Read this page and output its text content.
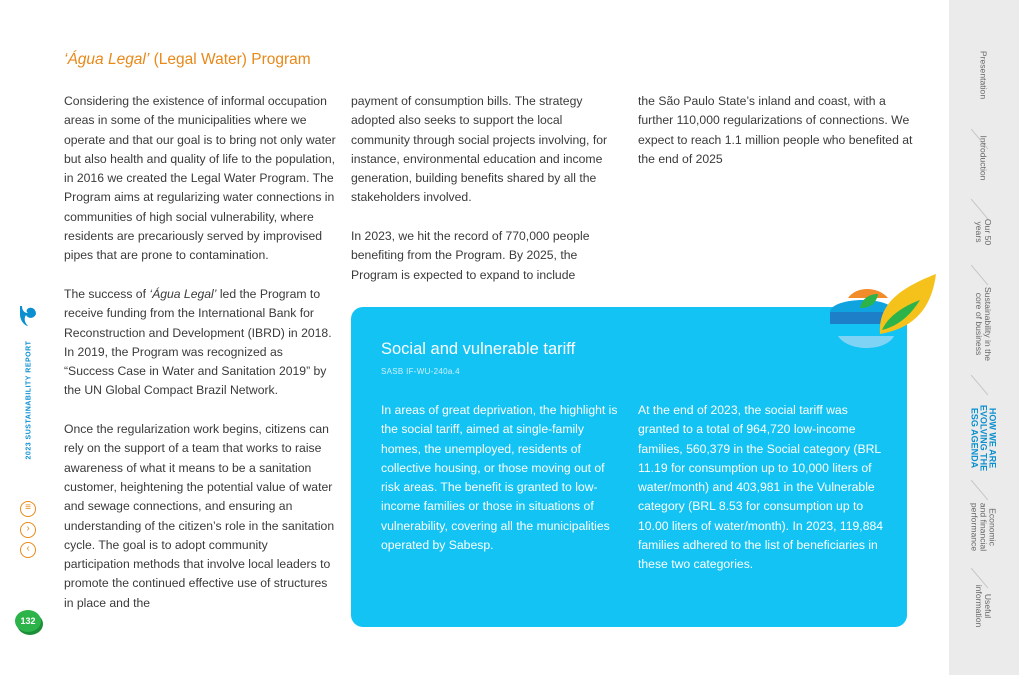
‘Água Legal’ (Legal Water) Program

Considering the existence of informal occupation areas in some of the municipalities where we operate and that our goal is to bring not only water but also health and quality of life to the population, in 2016 we created the Legal Water Program. The Program aims at regularizing water connections in communities of high social vulnerability, where residents are precariously served by improvised pipes that are prone to contamination.

The success of ‘Água Legal’ led the Program to receive funding from the International Bank for Reconstruction and Development (IBRD) in 2018. In 2019, the Program was recognized as “Success Case in Water and Sanitation 2019” by the UN Global Compact Brazil Network.

Once the regularization work begins, citizens can rely on the support of a team that works to raise awareness of what it means to be a sanitation customer, heightening the potential value of water and sewage connections, and ensuring an understanding of the citizen’s role in the sanitation cycle. The goal is to adopt community participation methods that involve local leaders to promote the continued effective use of structures in place and the

payment of consumption bills. The strategy adopted also seeks to support the local community through social projects involving, for instance, environmental education and income generation, building benefits shared by all the stakeholders involved.

In 2023, we hit the record of 770,000 people benefiting from the Program. By 2025, the Program is expected to expand to include

the São Paulo State’s inland and coast, with a further 110,000 regularizations of connections. We expect to reach 1.1 million people who benefited at the end of 2025

Social and vulnerable tariff
SASB IF-WU-240a.4
In areas of great deprivation, the highlight is the social tariff, aimed at single-family homes, the unemployed, residents of collective housing, or those moving out of risk areas. The benefit is granted to low-income families or those in situations of vulnerability, covering all the municipalities operated by Sabesp.
At the end of 2023, the social tariff was granted to a total of 964,720 low-income families, 560,379 in the Social category (BRL 11.19 for consumption up to 10,000 liters of water/month) and 403,981 in the Vulnerable category (BRL 8.53 for consumption up to 10.00 liters of water/month). In 2023, 119,884 families adhered to the list of beneficiaries in these two categories.
2023 SUSTAINABILITY REPORT
≡
›
‹
132
Presentation
Introduction
Our 50
years
Sustainability in the
core of business
HOW WE ARE
EVOLVING THE
ESG AGENDA
Economic
and financial
performance
Useful
information
